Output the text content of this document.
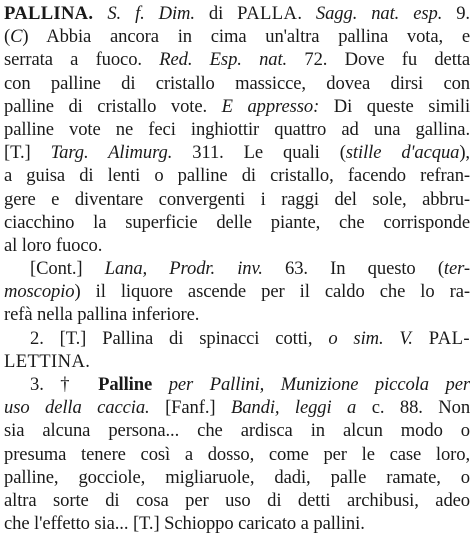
PALLINA. S. f. Dim. di PALLA. Sagg. nat. esp. 9.
(C) Abbia ancora in cima un'altra pallina vota, e
serrata a fuoco. Red. Esp. nat. 72. Dove fu detta
con palline di cristallo massicce, dovea dirsi con
palline di cristallo vote. E appresso: Di queste simili
palline vote ne feci inghiottir quattro ad una gallina.
[T.] Targ. Alimurg. 311. Le quali (stille d'acqua),
a guisa di lenti o palline di cristallo, facendo refran-
gere e diventare convergenti i raggi del sole, abbru-
ciacchino la superficie delle piante, che corrisponde
al loro fuoco.
[Cont.] Lana, Prodr. inv. 63. In questo (ter-
moscopio) il liquore ascende per il caldo che lo ra-
refà nella pallina inferiore.
2. [T.] Pallina di spinacci cotti, o sim. V. PAL-
LETTINA.
3. † Palline per Pallini, Munizione piccola per
uso della caccia. [Fanf.] Bandi, leggi a c. 88. Non
sia alcuna persona... che ardisca in alcun modo o
presuma tenere così a dosso, come per le case loro,
palline, gocciole, migliaruole, dadi, palle ramate, o
altra sorte di cosa per uso di detti archibusi, adeo
che l'effetto sia... [T.] Schioppo caricato a pallini.
